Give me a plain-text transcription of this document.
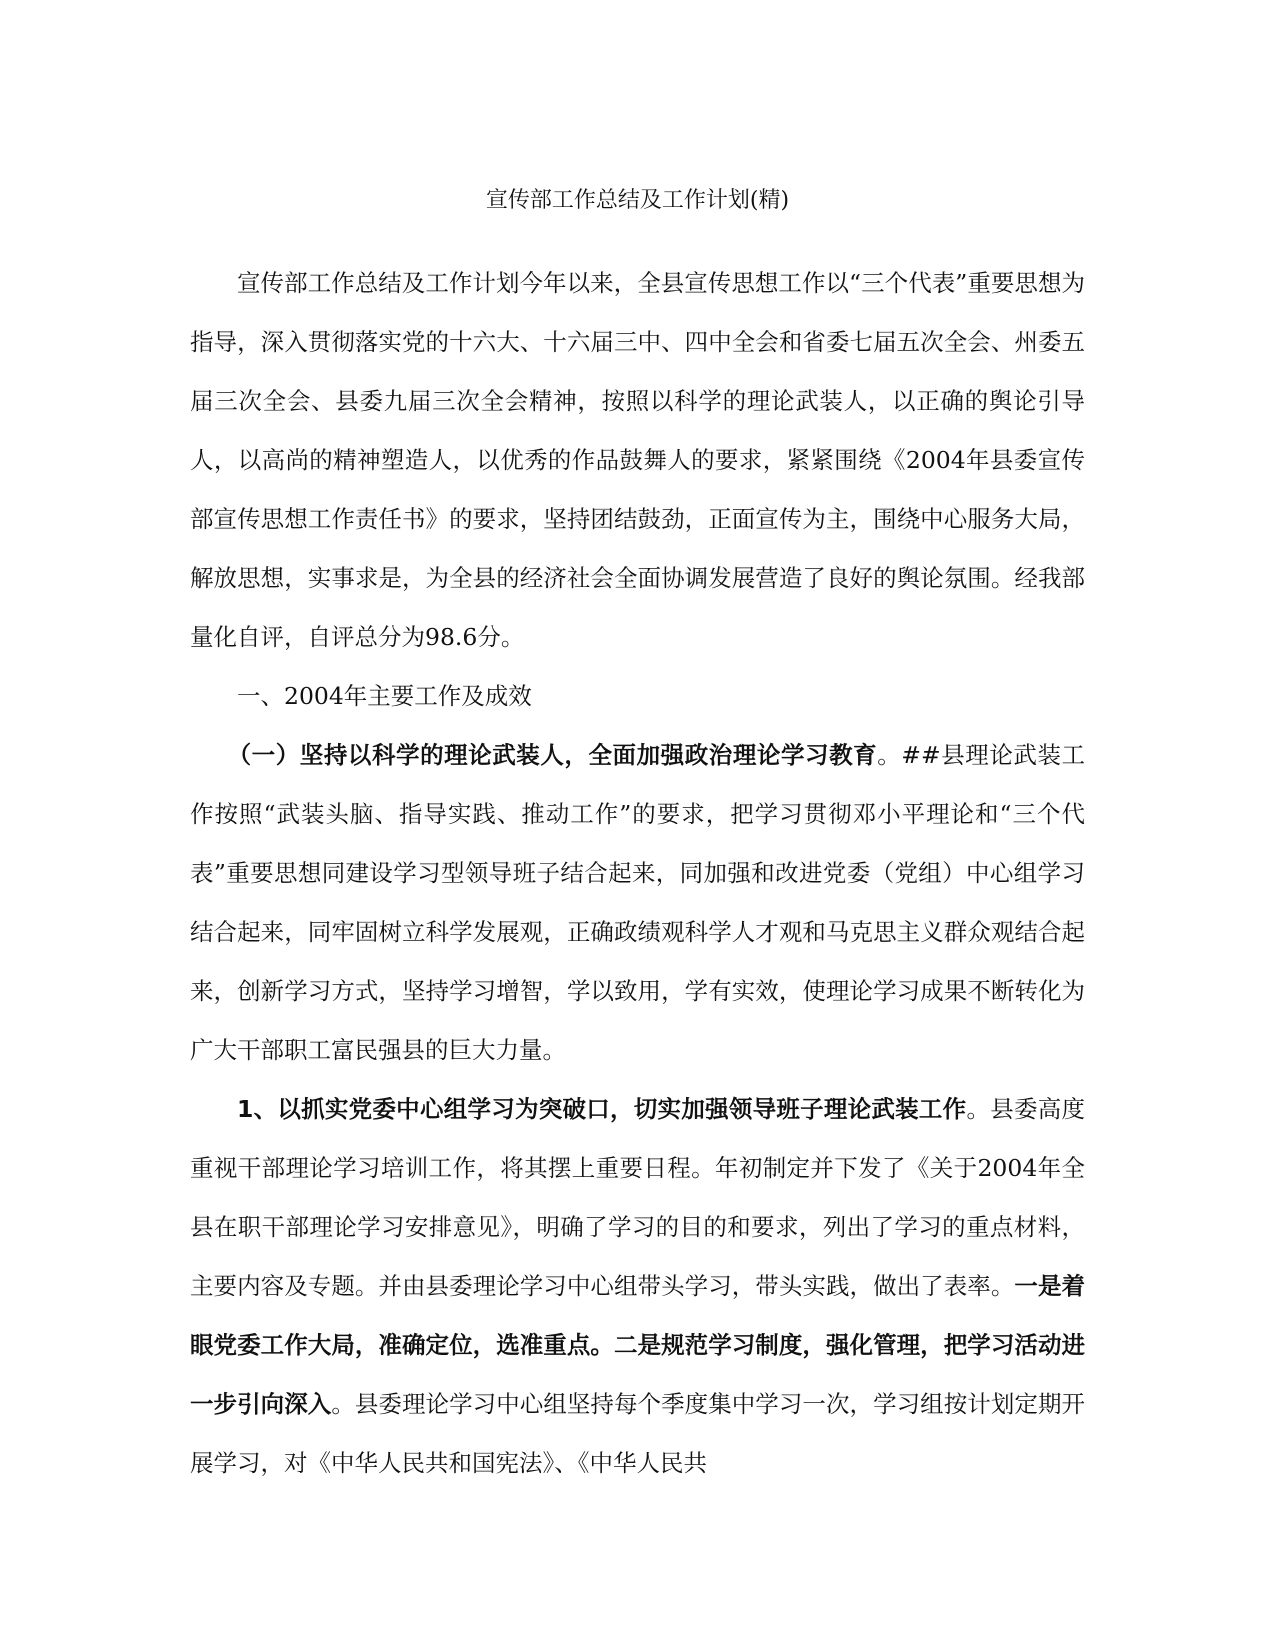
宣传部工作总结及工作计划(精)

宣传部工作总结及工作计划今年以来，全县宣传思想工作以“三个代表”重要思想为指导，深入贯彻落实党的十六大、十六届三中、四中全会和省委七届五次全会、州委五届三次全会、县委九届三次全会精神，按照以科学的理论武装人，以正确的舆论引导人，以高尚的精神塑造人，以优秀的作品鼓舞人的要求，紧紧围绕《2004年县委宣传部宣传思想工作责任书》的要求，坚持团结鼓劲，正面宣传为主，围绕中心服务大局，解放思想，实事求是，为全县的经济社会全面协调发展营造了良好的舆论氛围。经我部量化自评，自评总分为98.6分。

一、2004年主要工作及成效

（一）坚持以科学的理论武装人，全面加强政治理论学习教育。##县理论武装工作按照“武装头脑、指导实践、推动工作”的要求，把学习贯彻邓小平理论和“三个代表”重要思想同建设学习型领导班子结合起来，同加强和改进党委（党组）中心组学习结合起来，同牢固树立科学发展观，正确政绩观科学人才观和马克思主义群众观结合起来，创新学习方式，坚持学习增智，学以致用，学有实效，使理论学习成果不断转化为广大干部职工富民强县的巨大力量。

1、以抓实党委中心组学习为突破口，切实加强领导班子理论武装工作。县委高度重视干部理论学习培训工作，将其摆上重要日程。年初制定并下发了《关于2004年全县在职干部理论学习安排意见》，明确了学习的目的和要求，列出了学习的重点材料，主要内容及专题。并由县委理论学习中心组带头学习，带头实践，做出了表率。一是着眼党委工作大局，准确定位，选准重点。二是规范学习制度，强化管理，把学习活动进一步引向深入。县委理论学习中心组坚持每个季度集中学习一次，学习组按计划定期开展学习，对《中华人民共和国宪法》、《中华人民共
